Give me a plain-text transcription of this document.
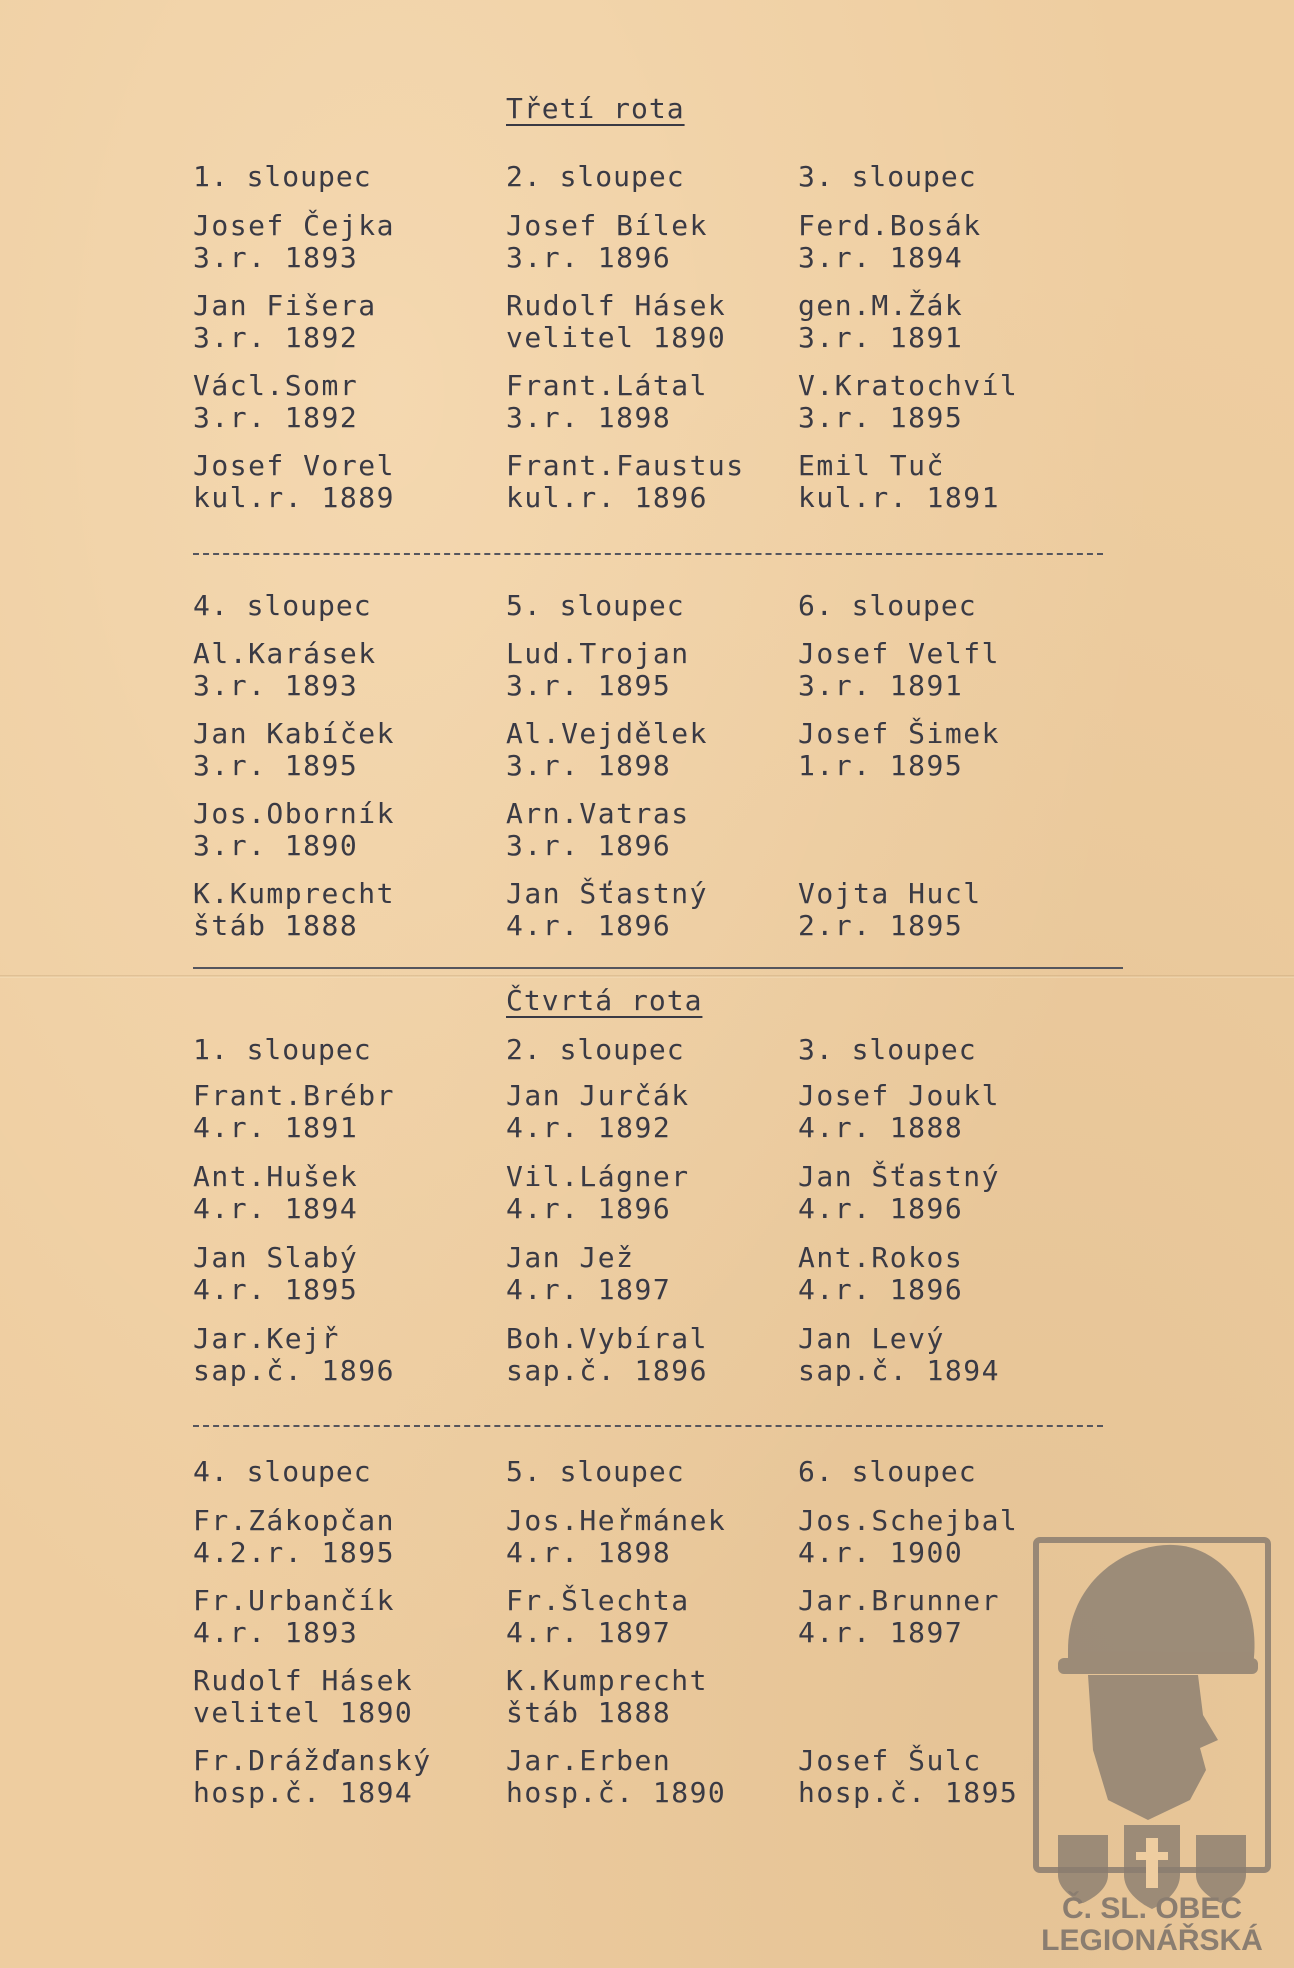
Třetí rota
1. sloupec
Josef Čejka
3.r. 1893
Jan Fišera
3.r. 1892
Václ.Somr
3.r. 1892
Josef Vorel
kul.r. 1889
2. sloupec
Josef Bílek
3.r. 1896
Rudolf Hásek
velitel 1890
Frant.Látal
3.r. 1898
Frant.Faustus
kul.r. 1896
3. sloupec
Ferd.Bosák
3.r. 1894
gen.M.Žák
3.r. 1891
V.Kratochvíl
3.r. 1895
Emil Tuč
kul.r. 1891
4. sloupec
Al.Karásek
3.r. 1893
Jan Kabíček
3.r. 1895
Jos.Oborník
3.r. 1890
K.Kumprecht
štáb 1888
5. sloupec
Lud.Trojan
3.r. 1895
Al.Vejdělek
3.r. 1898
Arn.Vatras
3.r. 1896
Jan Šťastný
4.r. 1896
6. sloupec
Josef Velfl
3.r. 1891
Josef Šimek
1.r. 1895
Vojta Hucl
2.r. 1895
Čtvrtá rota
1. sloupec
Frant.Brébr
4.r. 1891
Ant.Hušek
4.r. 1894
Jan Slabý
4.r. 1895
Jar.Kejř
sap.č. 1896
2. sloupec
Jan Jurčák
4.r. 1892
Vil.Lágner
4.r. 1896
Jan Jež
4.r. 1897
Boh.Vybíral
sap.č. 1896
3. sloupec
Josef Joukl
4.r. 1888
Jan Šťastný
4.r. 1896
Ant.Rokos
4.r. 1896
Jan Levý
sap.č. 1894
4. sloupec
Fr.Zákopčan
4.2.r. 1895
Fr.Urbančík
4.r. 1893
Rudolf Hásek
velitel 1890
Fr.Drážďanský
hosp.č. 1894
5. sloupec
Jos.Heřmánek
4.r. 1898
Fr.Šlechta
4.r. 1897
K.Kumprecht
štáb 1888
Jar.Erben
hosp.č. 1890
6. sloupec
Jos.Schejbal
4.r. 1900
Jar.Brunner
4.r. 1897
Josef Šulc
hosp.č. 1895
Č. SL. OBEC
LEGIONÁŘSKÁ
